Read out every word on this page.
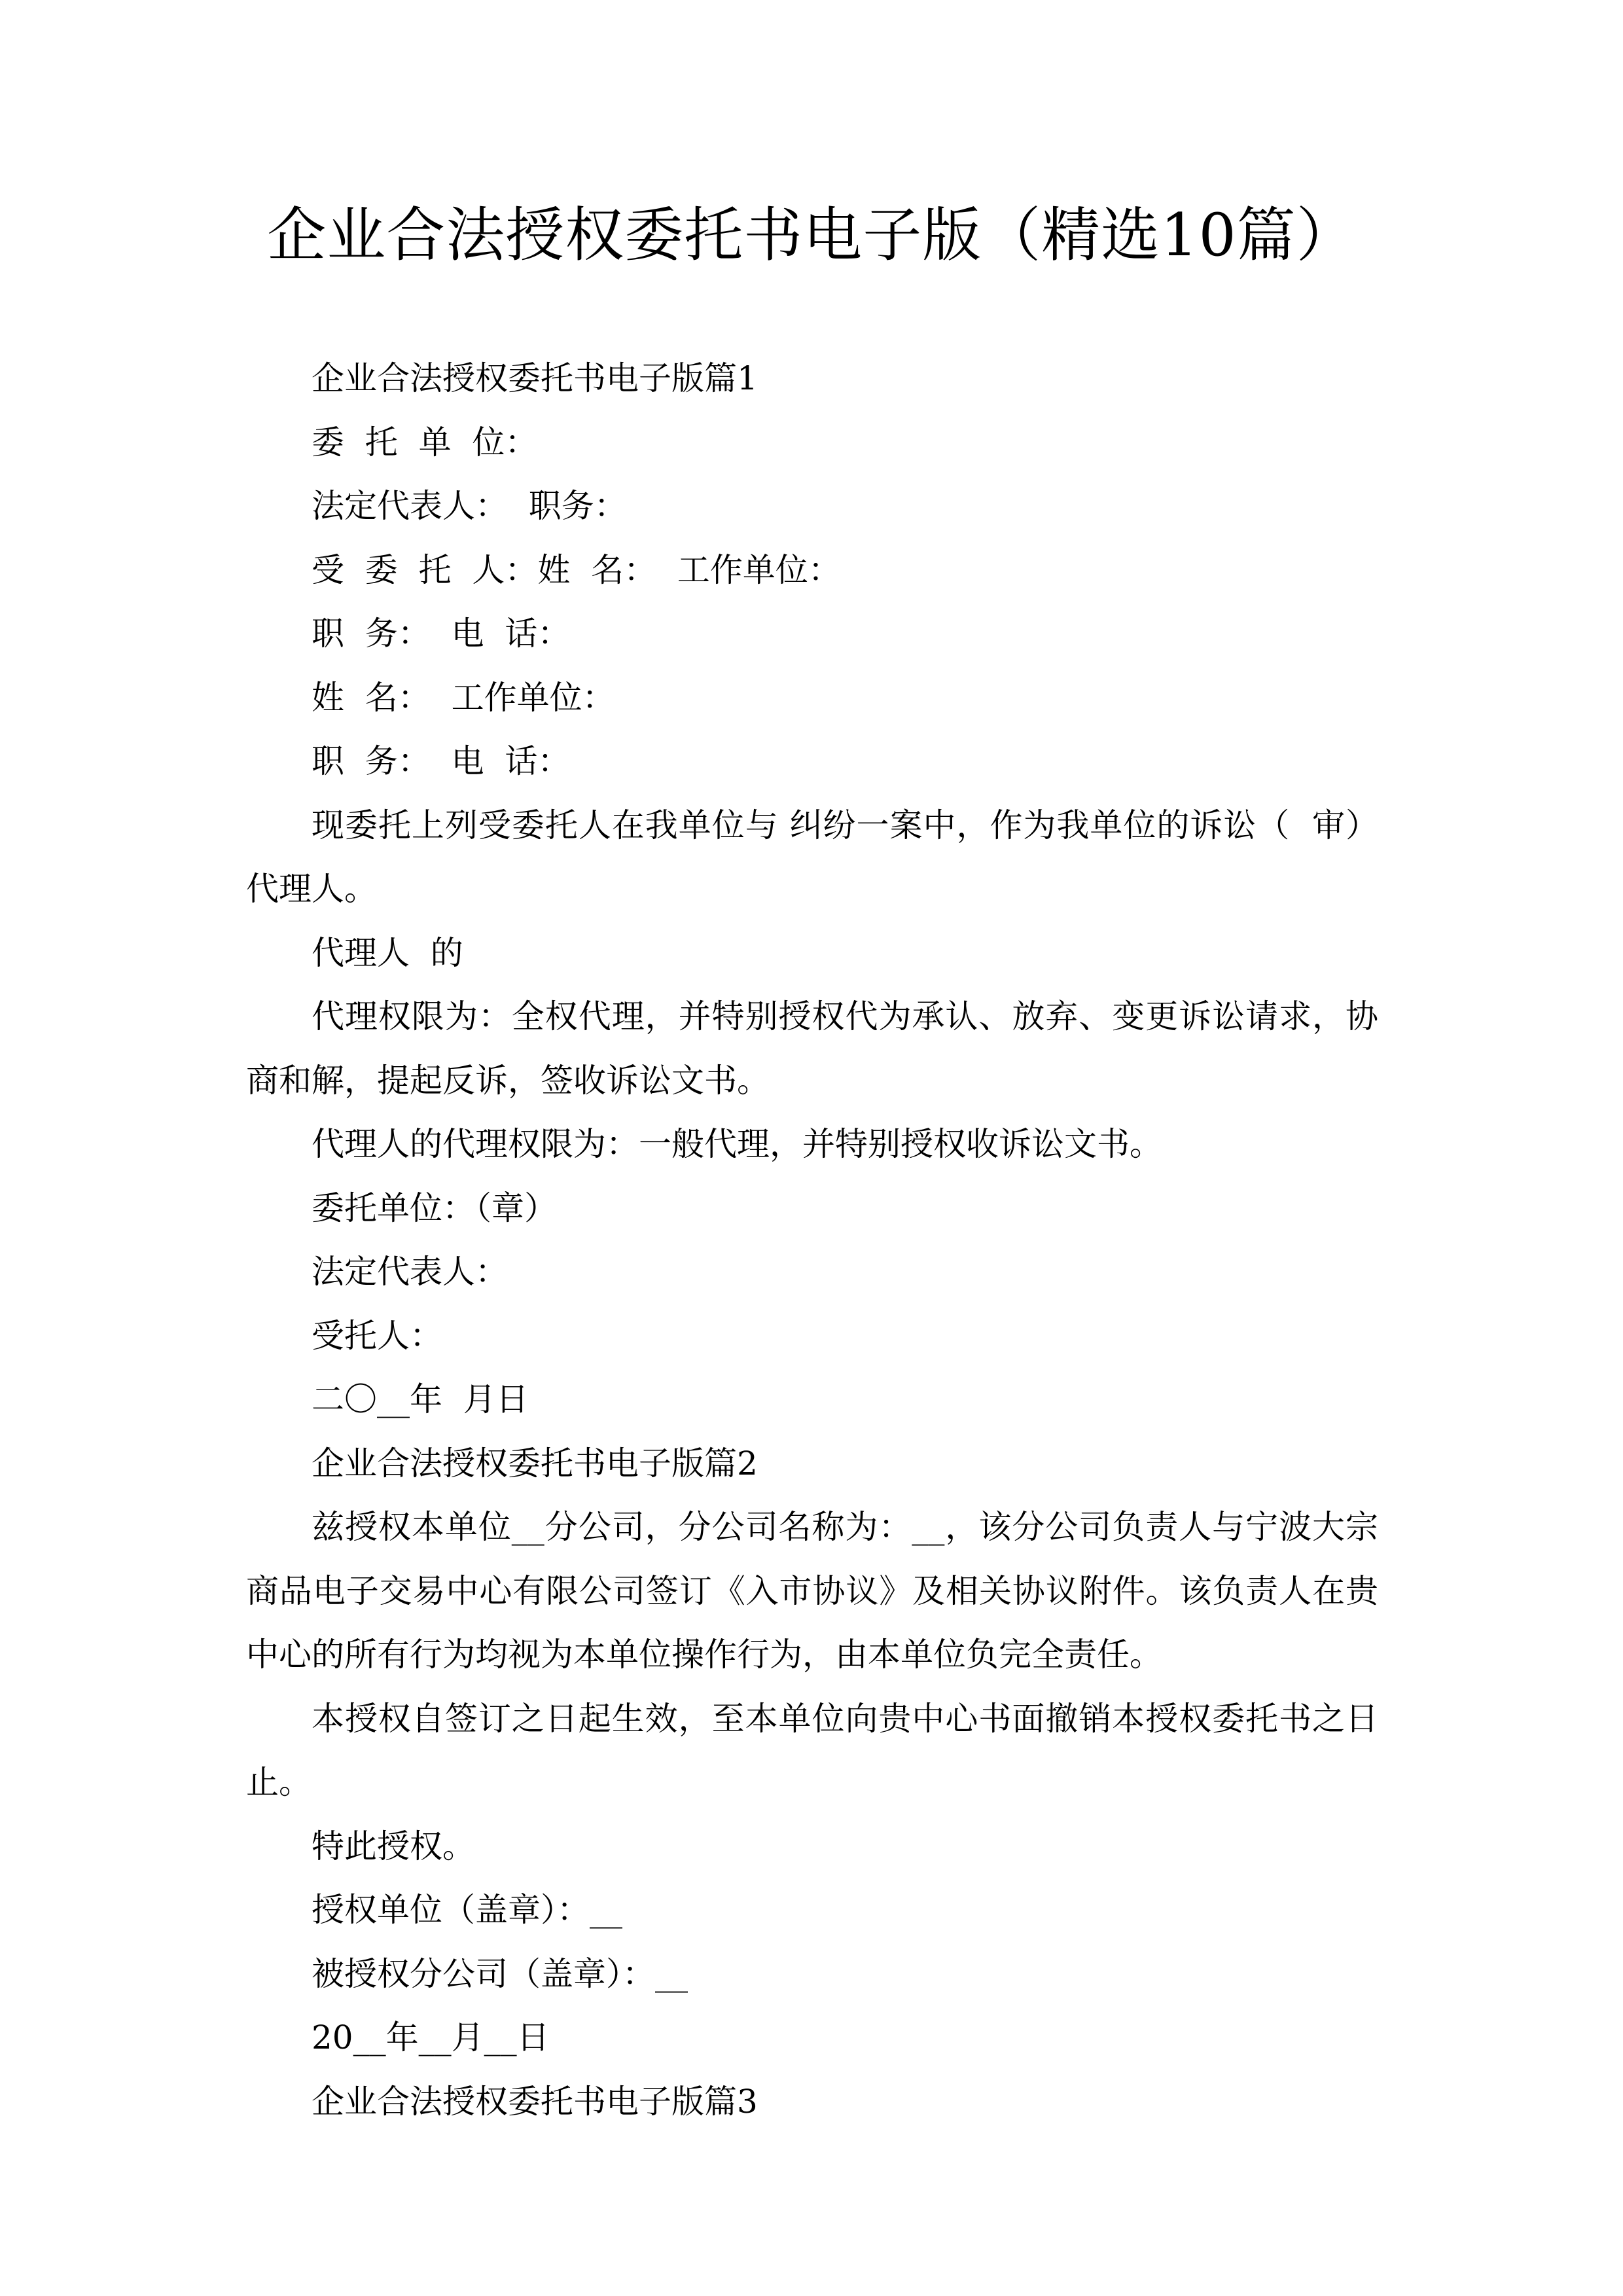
企业合法授权委托书电子版（精选10篇）

企业合法授权委托书电子版篇1

委  托  单  位：

法定代表人：  职务：

受  委  托  人：姓  名：  工作单位：

职  务：  电  话：

姓  名：  工作单位：

职  务：  电  话：

现委托上列受委托人在我单位与 纠纷一案中，作为我单位的诉讼（  审）代理人。

代理人  的

代理权限为：全权代理，并特别授权代为承认、放弃、变更诉讼请求，协商和解，提起反诉，签收诉讼文书。

代理人的代理权限为：一般代理，并特别授权收诉讼文书。

委托单位：（章）

法定代表人：

受托人：

二〇__年  月日

企业合法授权委托书电子版篇2

兹授权本单位__分公司，分公司名称为：__，该分公司负责人与宁波大宗商品电子交易中心有限公司签订《入市协议》及相关协议附件。该负责人在贵中心的所有行为均视为本单位操作行为，由本单位负完全责任。

本授权自签订之日起生效，至本单位向贵中心书面撤销本授权委托书之日止。

特此授权。

授权单位（盖章）：__

被授权分公司（盖章）：__

20__年__月__日

企业合法授权委托书电子版篇3
